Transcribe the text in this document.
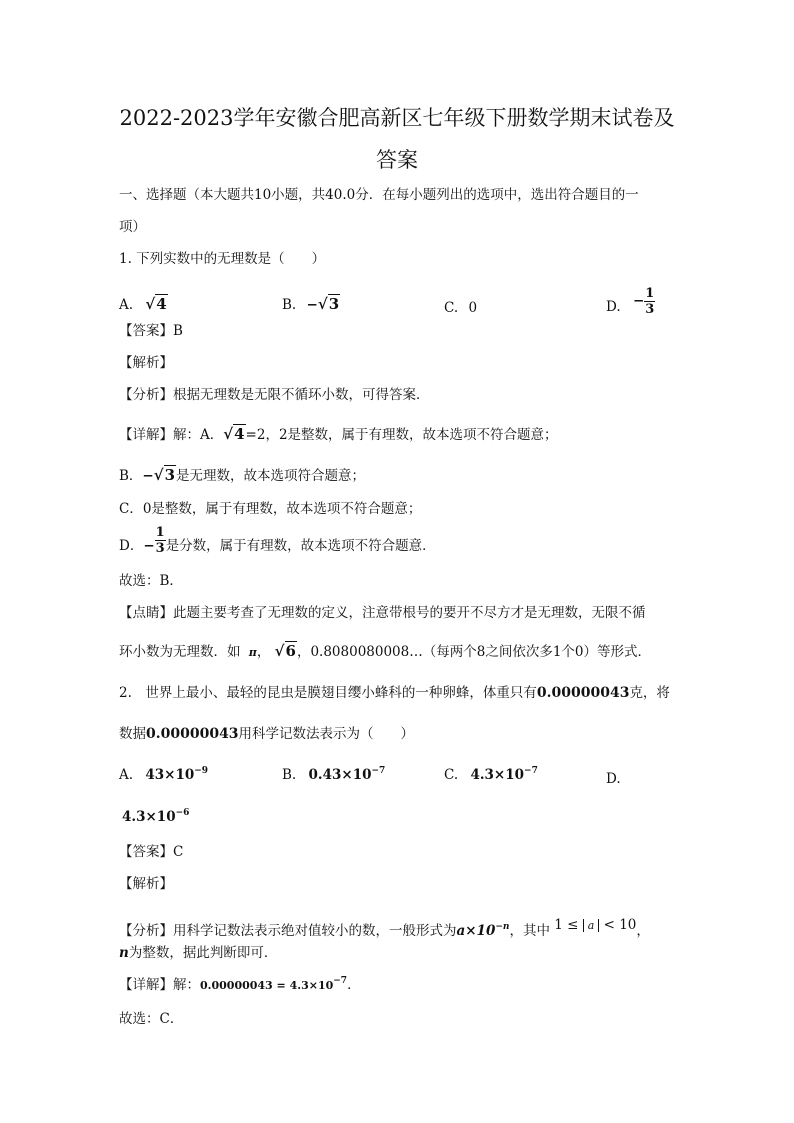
2022-2023学年安徽合肥高新区七年级下册数学期末试卷及
答案
一、选择题（本大题共10小题，共40.0分．在每小题列出的选项中，选出符合题目的一
项）
1. 下列实数中的无理数是（　　）
A. √4	B. −√3	C. 0	D. − $\frac{1}{3}$
【答案】B
【解析】
【分析】根据无理数是无限不循环小数，可得答案．
【详解】解：A．√4=2，2是整数，属于有理数，故本选项不符合题意；
B．−√3是无理数，故本选项符合题意；
C．0是整数，属于有理数，故本选项不符合题意；
D．− $\frac{1}{3}$ 是分数，属于有理数，故本选项不符合题意．
故选：B．
【点睛】此题主要考查了无理数的定义，注意带根号的要开不尽方才是无理数，无限不循
环小数为无理数．如 π， √6，0.8080080008…（每两个8之间依次多1个0）等形式．
2.　世界上最小、最轻的昆虫是膜翅目缨小蜂科的一种卵蜂，体重只有0.00000043克，将
数据0.00000043用科学记数法表示为（　　）
A. $43\times 10^{-9}$	B. $0.43\times 10^{-7}$	C. $4.3\times 10^{-7}$	D.
$4.3\times 10^{-6}$
【答案】C
【解析】
【分析】用科学记数法表示绝对值较小的数，一般形式为$a\times 10^{-n}$，其中 1 ≤ $^a$ < 10，
n为整数，据此判断即可．
【详解】解：$0.00000043 = 4.3\times 10^{-7}$．
故选：C．
